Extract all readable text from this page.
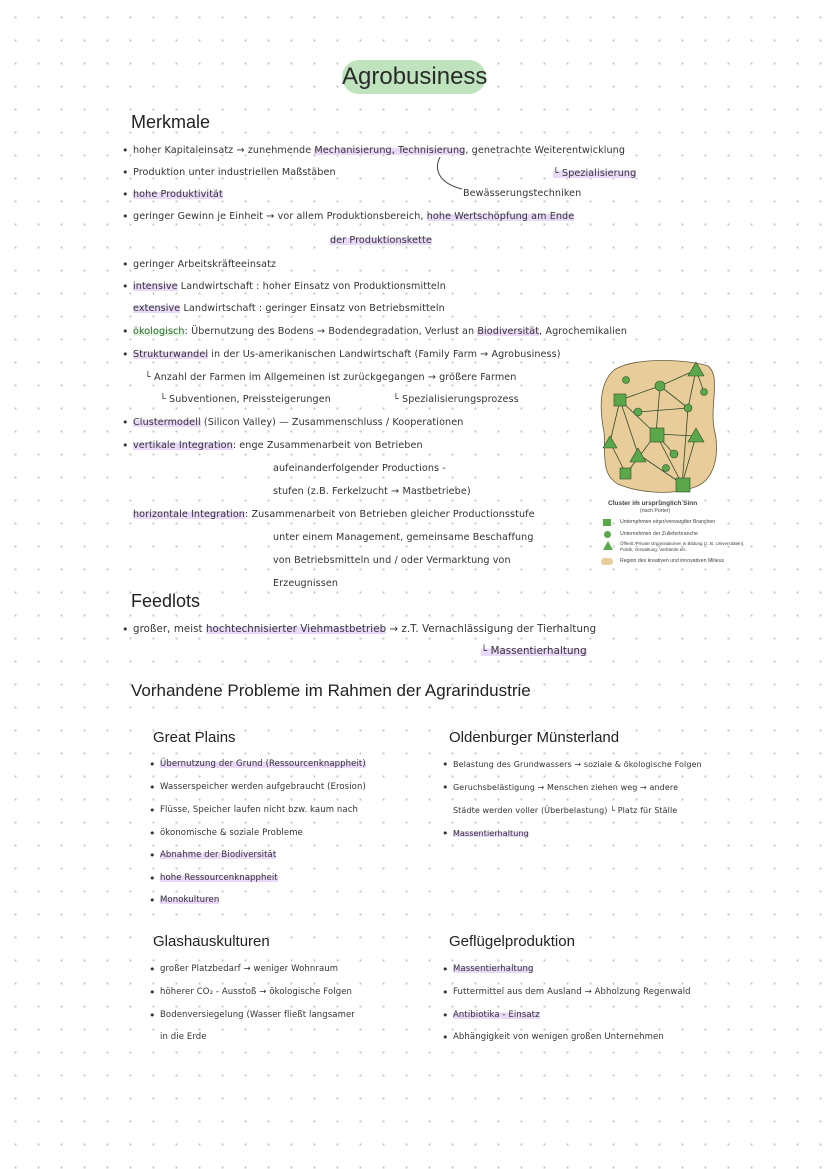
Agrobusiness
Merkmale
• hoher Kapitaleinsatz → zunehmende Mechanisierung, Technisierung, genetrachte Weiterentwicklung
• Produktion unter industriellen Maßstäben	└ Spezialisierung
• hohe Produktivität	Bewässerungstechniken
• geringer Gewinn je Einheit → vor allem Produktionsbereich, hohe Wertschöpfung am Ende
der Produktionskette
• geringer Arbeitskräfteeinsatz
• intensive Landwirtschaft : hoher Einsatz von Produktionsmitteln
extensive Landwirtschaft : geringer Einsatz von Betriebsmitteln
• ökologisch: Übernutzung des Bodens → Bodendegradation, Verlust an Biodiversität, Agrochemikalien
• Strukturwandel in der Us-amerikanischen Landwirtschaft (Family Farm → Agrobusiness)
└ Anzahl der Farmen im Allgemeinen ist zurückgegangen → größere Farmen
└ Subventionen, Preissteigerungen	└ Spezialisierungsprozess
• Clustermodell (Silicon Valley) — Zusammenschluss / Kooperationen
• vertikale Integration: enge Zusammenarbeit von Betrieben
aufeinanderfolgender Productions -
stufen (z.B. Ferkelzucht → Mastbetriebe)
horizontale Integration: Zusammenarbeit von Betrieben gleicher Productionsstufe
unter einem Management, gemeinsame Beschaffung
von Betriebsmitteln und / oder Vermarktung von
Erzeugnissen
Cluster im ursprünglich Sinn
(nach Porter)
Unternehmen einer/verwandter Branchen
Unternehmen der Zulieferbranche
Öffentl./Private Organisationen in Bildung (z. B. Universitäten), Politik, Verwaltung, Verbände etc.
Region des kreativen und innovativen Milieus
Feedlots
• großer, meist hochtechnisierter Viehmastbetrieb → z.T. Vernachlässigung der Tierhaltung
└ Massentierhaltung
Vorhandene Probleme im Rahmen der Agrarindustrie
Great Plains
• Übernutzung der Grund (Ressourcenknappheit)
• Wasserspeicher werden aufgebraucht (Erosion)
• Flüsse, Speicher laufen nicht bzw. kaum nach
• ökonomische & soziale Probleme
• Abnahme der Biodiversität
• hohe Ressourcenknappheit
• Monokulturen
Oldenburger Münsterland
• Belastung des Grundwassers → soziale & ökologische Folgen
• Geruchsbelästigung → Menschen ziehen weg → andere
Städte werden voller (Überbelastung) └ Platz für Ställe
• Massentierhaltung
Glashauskulturen
• großer Platzbedarf → weniger Wohnraum
• höherer CO₂ - Ausstoß → ökologische Folgen
• Bodenversiegelung (Wasser fließt langsamer
in die Erde
Geflügelproduktion
• Massentierhaltung
• Futtermittel aus dem Ausland → Abholzung Regenwald
• Antibiotika - Einsatz
• Abhängigkeit von wenigen großen Unternehmen
